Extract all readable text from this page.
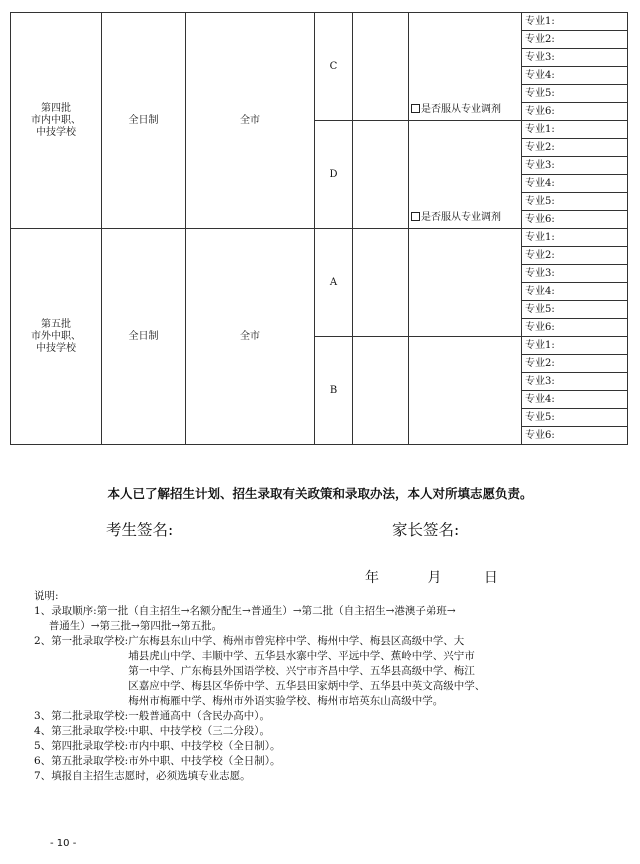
第四批
市内中职、
中技学校	全日制	全市	C		是否服从专业调剂	专业1:
						专业2:
						专业3:
						专业4:
						专业5:
						专业6:
			D		是否服从专业调剂	专业1:
						专业2:
						专业3:
						专业4:
						专业5:
						专业6:

第五批
市外中职、
中技学校	全日制	全市	A			专业1:
						专业2:
						专业3:
						专业4:
						专业5:
						专业6:
			B			专业1:
						专业2:
						专业3:
						专业4:
						专业5:
						专业6:
本人已了解招生计划、招生录取有关政策和录取办法，本人对所填志愿负责。
考生签名:	家长签名:
年	月	日
说明:
1、 录取顺序: 第一批（自主招生→名额分配生→普通生）→第二批（自主招生→港澳子弟班→
普通生）→第三批→第四批→第五批。
2、 第一批录取学校: 广东梅县东山中学、梅州市曾宪梓中学、梅州中学、梅县区高级中学、大
埔县虎山中学、丰顺中学、五华县水寨中学、平远中学、蕉岭中学、兴宁市
第一中学、广东梅县外国语学校、兴宁市齐昌中学、五华县高级中学、梅江
区嘉应中学、梅县区华侨中学、五华县田家炳中学、五华县中英文高级中学、
梅州市梅雁中学、梅州市外语实验学校、梅州市培英东山高级中学。
3、 第二批录取学校: 一般普通高中（含民办高中）。
4、 第三批录取学校: 中职、中技学校（三二分段）。
5、 第四批录取学校: 市内中职、中技学校（全日制）。
6、 第五批录取学校: 市外中职、中技学校（全日制）。
7、 填报自主招生志愿时，必须选填专业志愿。
- 10 -
